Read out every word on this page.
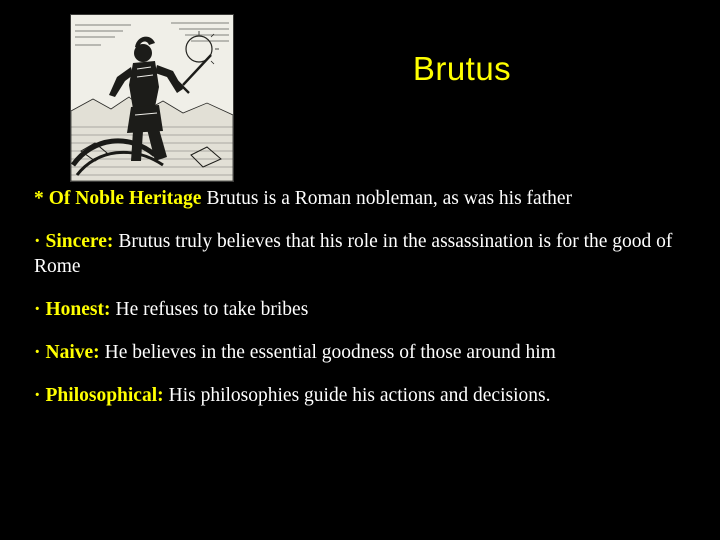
Brutus
* Of Noble Heritage Brutus is a Roman nobleman, as was his father
· Sincere: Brutus truly believes that his role in the assassination is for the good of Rome
· Honest: He refuses to take bribes
· Naive: He believes in the essential goodness of those around him
· Philosophical: His philosophies guide his actions and decisions.
